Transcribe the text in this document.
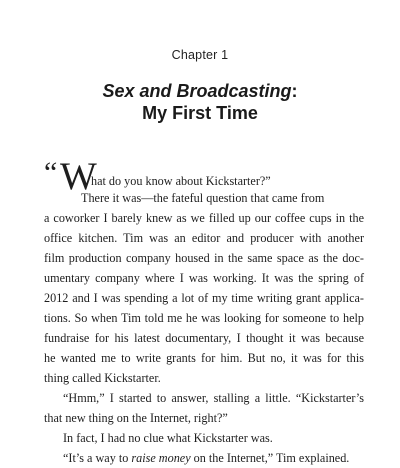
Chapter 1
Sex and Broadcasting:
My First Time
“ W
hat do you know about Kickstarter?”
There it was—the fateful question that came from
a coworker I barely knew as we filled up our coffee cups in the
office kitchen. Tim was an editor and producer with another
film production company housed in the same space as the doc-
umentary company where I was working. It was the spring of
2012 and I was spending a lot of my time writing grant applica-
tions. So when Tim told me he was looking for someone to help
fundraise for his latest documentary, I thought it was because
he wanted me to write grants for him. But no, it was for this
thing called Kickstarter.
“Hmm,” I started to answer, stalling a little. “Kickstarter’s
that new thing on the Internet, right?”
In fact, I had no clue what Kickstarter was.
“It’s a way to raise money on the Internet,” Tim explained.
